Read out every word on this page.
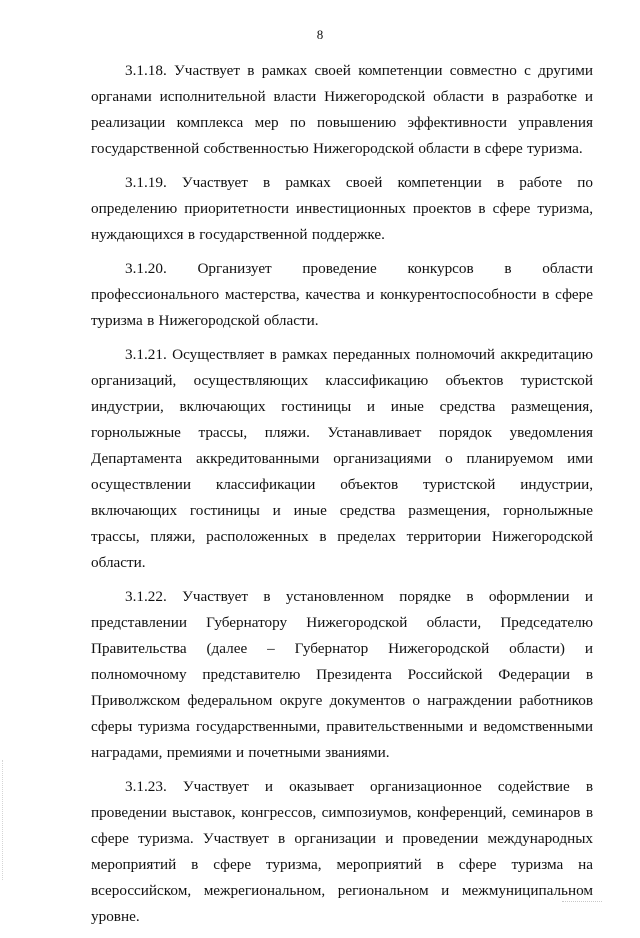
8

3.1.18. Участвует в рамках своей компетенции совместно с другими органами исполнительной власти Нижегородской области в разработке и реализации комплекса мер по повышению эффективности управления государственной собственностью Нижегородской области в сфере туризма.

3.1.19. Участвует в рамках своей компетенции в работе по определению приоритетности инвестиционных проектов в сфере туризма, нуждающихся в государственной поддержке.

3.1.20. Организует проведение конкурсов в области профессионального мастерства, качества и конкурентоспособности в сфере туризма в Нижегородской области.

3.1.21. Осуществляет в рамках переданных полномочий аккредитацию организаций, осуществляющих классификацию объектов туристской индустрии, включающих гостиницы и иные средства размещения, горнолыжные трассы, пляжи. Устанавливает порядок уведомления Департамента аккредитованными организациями о планируемом ими осуществлении классификации объектов туристской индустрии, включающих гостиницы и иные средства размещения, горнолыжные трассы, пляжи, расположенных в пределах территории Нижегородской области.

3.1.22. Участвует в установленном порядке в оформлении и представлении Губернатору Нижегородской области, Председателю Правительства (далее – Губернатор Нижегородской области) и полномочному представителю Президента Российской Федерации в Приволжском федеральном округе документов о награждении работников сферы туризма государственными, правительственными и ведомственными наградами, премиями и почетными званиями.

3.1.23. Участвует и оказывает организационное содействие в проведении выставок, конгрессов, симпозиумов, конференций, семинаров в сфере туризма. Участвует в организации и проведении международных мероприятий в сфере туризма, мероприятий в сфере туризма на всероссийском, межрегиональном, региональном и межмуниципальном уровне.
